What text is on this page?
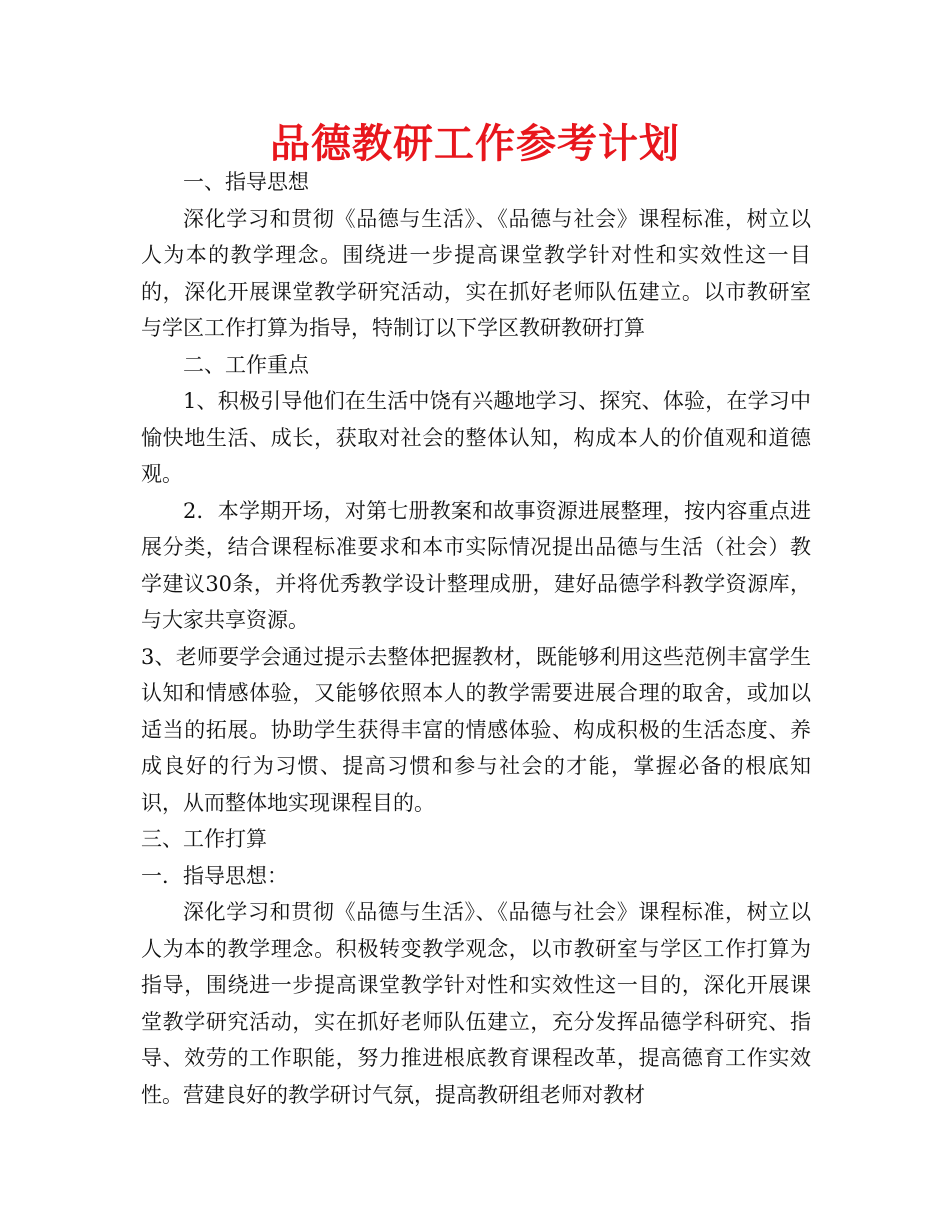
品德教研工作参考计划

一、指导思想

深化学习和贯彻《品德与生活》、《品德与社会》课程标准，树立以人为本的教学理念。围绕进一步提高课堂教学针对性和实效性这一目的，深化开展课堂教学研究活动，实在抓好老师队伍建立。以市教研室与学区工作打算为指导，特制订以下学区教研教研打算

二、工作重点

1、积极引导他们在生活中饶有兴趣地学习、探究、体验，在学习中愉快地生活、成长，获取对社会的整体认知，构成本人的价值观和道德观。

2．本学期开场，对第七册教案和故事资源进展整理，按内容重点进展分类，结合课程标准要求和本市实际情况提出品德与生活（社会）教学建议30条，并将优秀教学设计整理成册，建好品德学科教学资源库，与大家共享资源。

3、老师要学会通过提示去整体把握教材，既能够利用这些范例丰富学生认知和情感体验，又能够依照本人的教学需要进展合理的取舍，或加以适当的拓展。协助学生获得丰富的情感体验、构成积极的生活态度、养成良好的行为习惯、提高习惯和参与社会的才能，掌握必备的根底知识，从而整体地实现课程目的。

三、工作打算

一．指导思想：

深化学习和贯彻《品德与生活》、《品德与社会》课程标准，树立以人为本的教学理念。积极转变教学观念，以市教研室与学区工作打算为指导，围绕进一步提高课堂教学针对性和实效性这一目的，深化开展课堂教学研究活动，实在抓好老师队伍建立，充分发挥品德学科研究、指导、效劳的工作职能，努力推进根底教育课程改革，提高德育工作实效性。营建良好的教学研讨气氛，提高教研组老师对教材
